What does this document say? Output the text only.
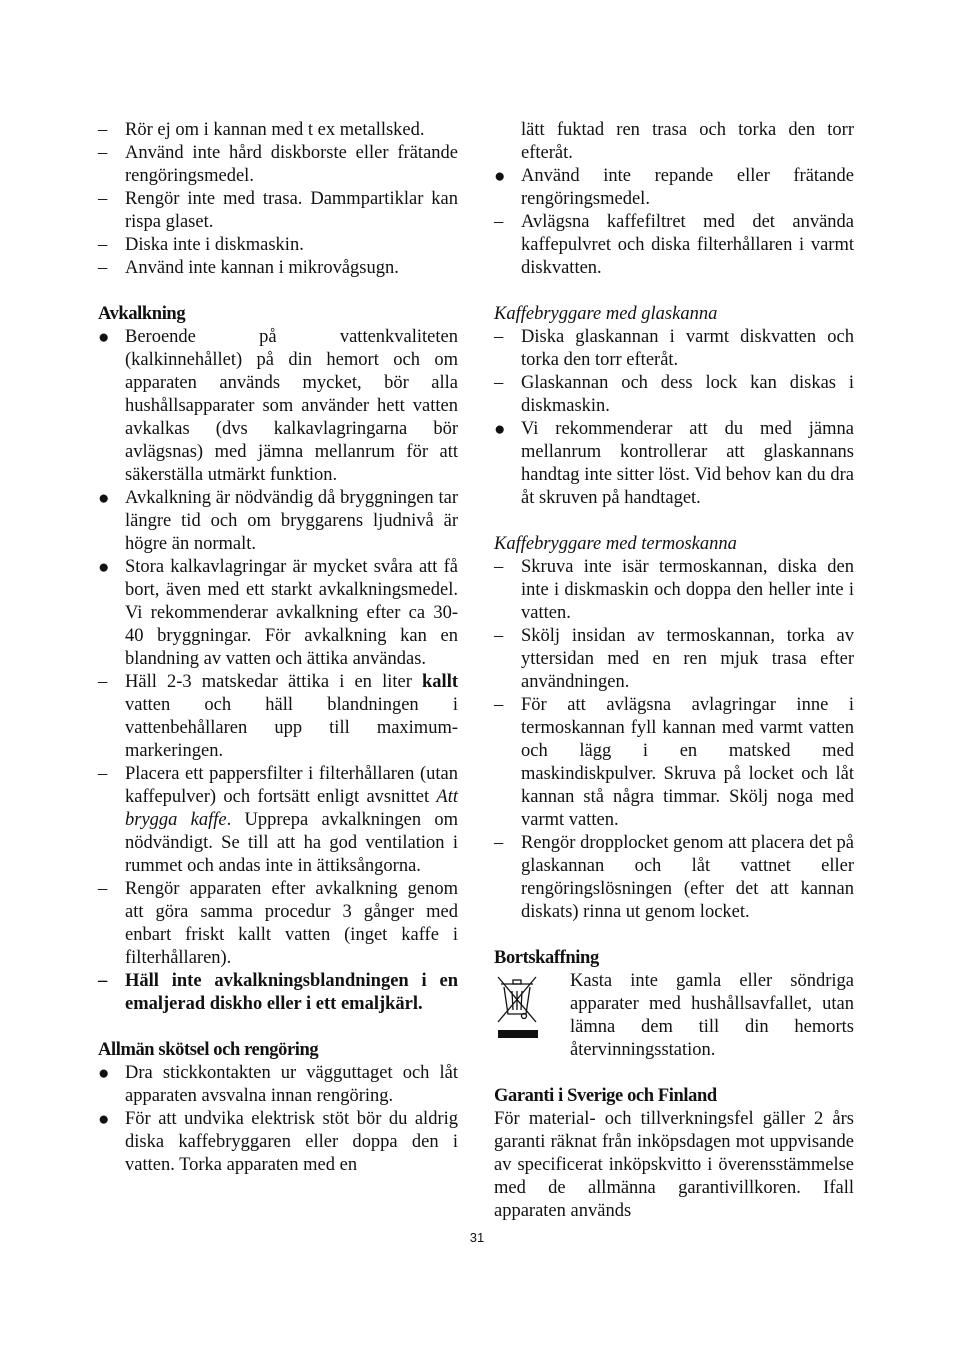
– Rör ej om i kannan med t ex metallsked.
– Använd inte hård diskborste eller frätande rengöringsmedel.
– Rengör inte med trasa. Dammpartiklar kan rispa glaset.
– Diska inte i diskmaskin.
– Använd inte kannan i mikrovågsugn.
Avkalkning
● Beroende på vattenkvaliteten (kalkinnehållet) på din hemort och om apparaten används mycket, bör alla hushållsapparater som använder hett vatten avkalkas (dvs kalkavlagringarna bör avlägsnas) med jämna mellanrum för att säkerställa utmärkt funktion.
● Avkalkning är nödvändig då bryggningen tar längre tid och om bryggarens ljudnivå är högre än normalt.
● Stora kalkavlagringar är mycket svåra att få bort, även med ett starkt avkalkningsmedel. Vi rekommenderar avkalkning efter ca 30-40 bryggningar. För avkalkning kan en blandning av vatten och ättika användas.
– Häll 2-3 matskedar ättika i en liter kallt vatten och häll blandningen i vattenbehållaren upp till maximum-markeringen.
– Placera ett pappersfilter i filterhållaren (utan kaffepulver) och fortsätt enligt avsnittet Att brygga kaffe. Upprepa avkalkningen om nödvändigt. Se till att ha god ventilation i rummet och andas inte in ättiksångorna.
– Rengör apparaten efter avkalkning genom att göra samma procedur 3 gånger med enbart friskt kallt vatten (inget kaffe i filterhållaren).
– Häll inte avkalkningsblandningen i en emaljerad diskho eller i ett emaljkärl.
Allmän skötsel och rengöring
● Dra stickkontakten ur vägguttaget och låt apparaten avsvalna innan rengöring.
● För att undvika elektrisk stöt bör du aldrig diska kaffebryggaren eller doppa den i vatten. Torka apparaten med en
lätt fuktad ren trasa och torka den torr efteråt.
● Använd inte repande eller frätande rengöringsmedel.
– Avlägsna kaffefiltret med det använda kaffepulvret och diska filterhållaren i varmt diskvatten.
Kaffebryggare med glaskanna
– Diska glaskannan i varmt diskvatten och torka den torr efteråt.
– Glaskannan och dess lock kan diskas i diskmaskin.
● Vi rekommenderar att du med jämna mellanrum kontrollerar att glaskannans handtag inte sitter löst. Vid behov kan du dra åt skruven på handtaget.
Kaffebryggare med termoskanna
– Skruva inte isär termoskannan, diska den inte i diskmaskin och doppa den heller inte i vatten.
– Skölj insidan av termoskannan, torka av yttersidan med en ren mjuk trasa efter användningen.
– För att avlägsna avlagringar inne i termoskannan fyll kannan med varmt vatten och lägg i en matsked med maskindiskpulver. Skruva på locket och låt kannan stå några timmar. Skölj noga med varmt vatten.
– Rengör dropplocket genom att placera det på glaskannan och låt vattnet eller rengöringslösningen (efter det att kannan diskats) rinna ut genom locket.
Bortskaffning
Kasta inte gamla eller söndriga apparater med hushållsavfallet, utan lämna dem till din hemorts återvinningsstation.
Garanti i Sverige och Finland
För material- och tillverkningsfel gäller 2 års garanti räknat från inköpsdagen mot uppvisande av specificerat inköpskvitto i överensstämmelse med de allmänna garantivillkoren. Ifall apparaten används
31
